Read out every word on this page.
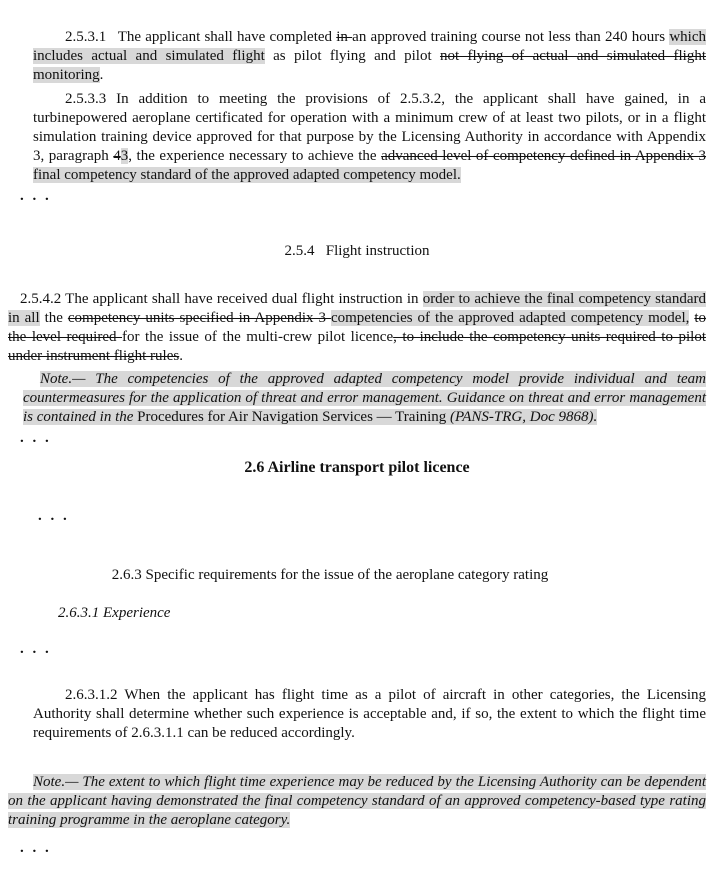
2.5.3.1  The applicant shall have completed in an approved training course not less than 240 hours which includes actual and simulated flight as pilot flying and pilot not flying of actual and simulated flight monitoring.

2.5.3.3 In addition to meeting the provisions of 2.5.3.2, the applicant shall have gained, in a turbinepowered aeroplane certificated for operation with a minimum crew of at least two pilots, or in a flight simulation training device approved for that purpose by the Licensing Authority in accordance with Appendix 3, paragraph 43, the experience necessary to achieve the advanced level of competency defined in Appendix 3 final competency standard of the approved adapted competency model.

. . .

2.5.4  Flight instruction

2.5.4.2 The applicant shall have received dual flight instruction in order to achieve the final competency standard in all the competency units specified in Appendix 3 competencies of the approved adapted competency model, to the level required for the issue of the multi-crew pilot licence, to include the competency units required to pilot under instrument flight rules.

Note.— The competencies of the approved adapted competency model provide individual and team countermeasures for the application of threat and error management. Guidance on threat and error management is contained in the Procedures for Air Navigation Services — Training (PANS-TRG, Doc 9868).

. . .

2.6 Airline transport pilot licence

. . .

2.6.3 Specific requirements for the issue of the aeroplane category rating

2.6.3.1 Experience

. . .

2.6.3.1.2 When the applicant has flight time as a pilot of aircraft in other categories, the Licensing Authority shall determine whether such experience is acceptable and, if so, the extent to which the flight time requirements of 2.6.3.1.1 can be reduced accordingly.

Note.— The extent to which flight time experience may be reduced by the Licensing Authority can be dependent on the applicant having demonstrated the final competency standard of an approved competency-based type rating training programme in the aeroplane category.

. . .
